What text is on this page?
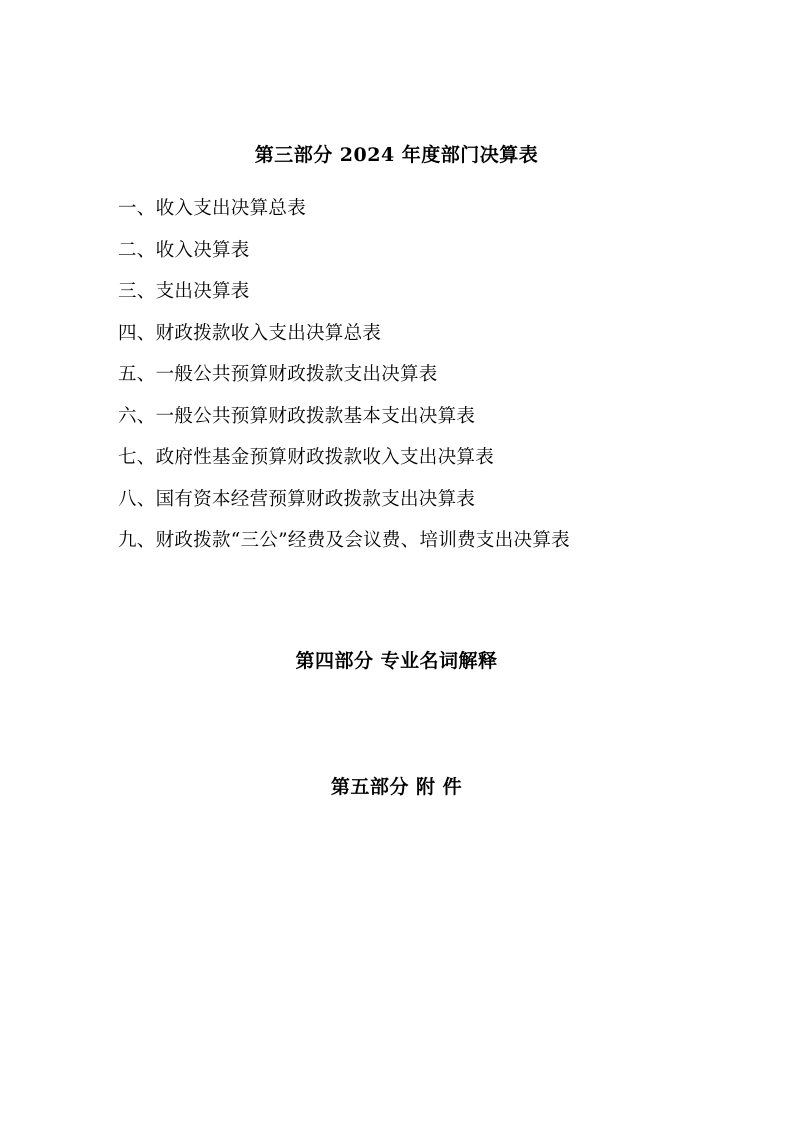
第三部分 2024 年度部门决算表
一、收入支出决算总表
二、收入决算表
三、支出决算表
四、财政拨款收入支出决算总表
五、一般公共预算财政拨款支出决算表
六、一般公共预算财政拨款基本支出决算表
七、政府性基金预算财政拨款收入支出决算表
八、国有资本经营预算财政拨款支出决算表
九、财政拨款“三公”经费及会议费、培训费支出决算表
第四部分 专业名词解释
第五部分 附 件
